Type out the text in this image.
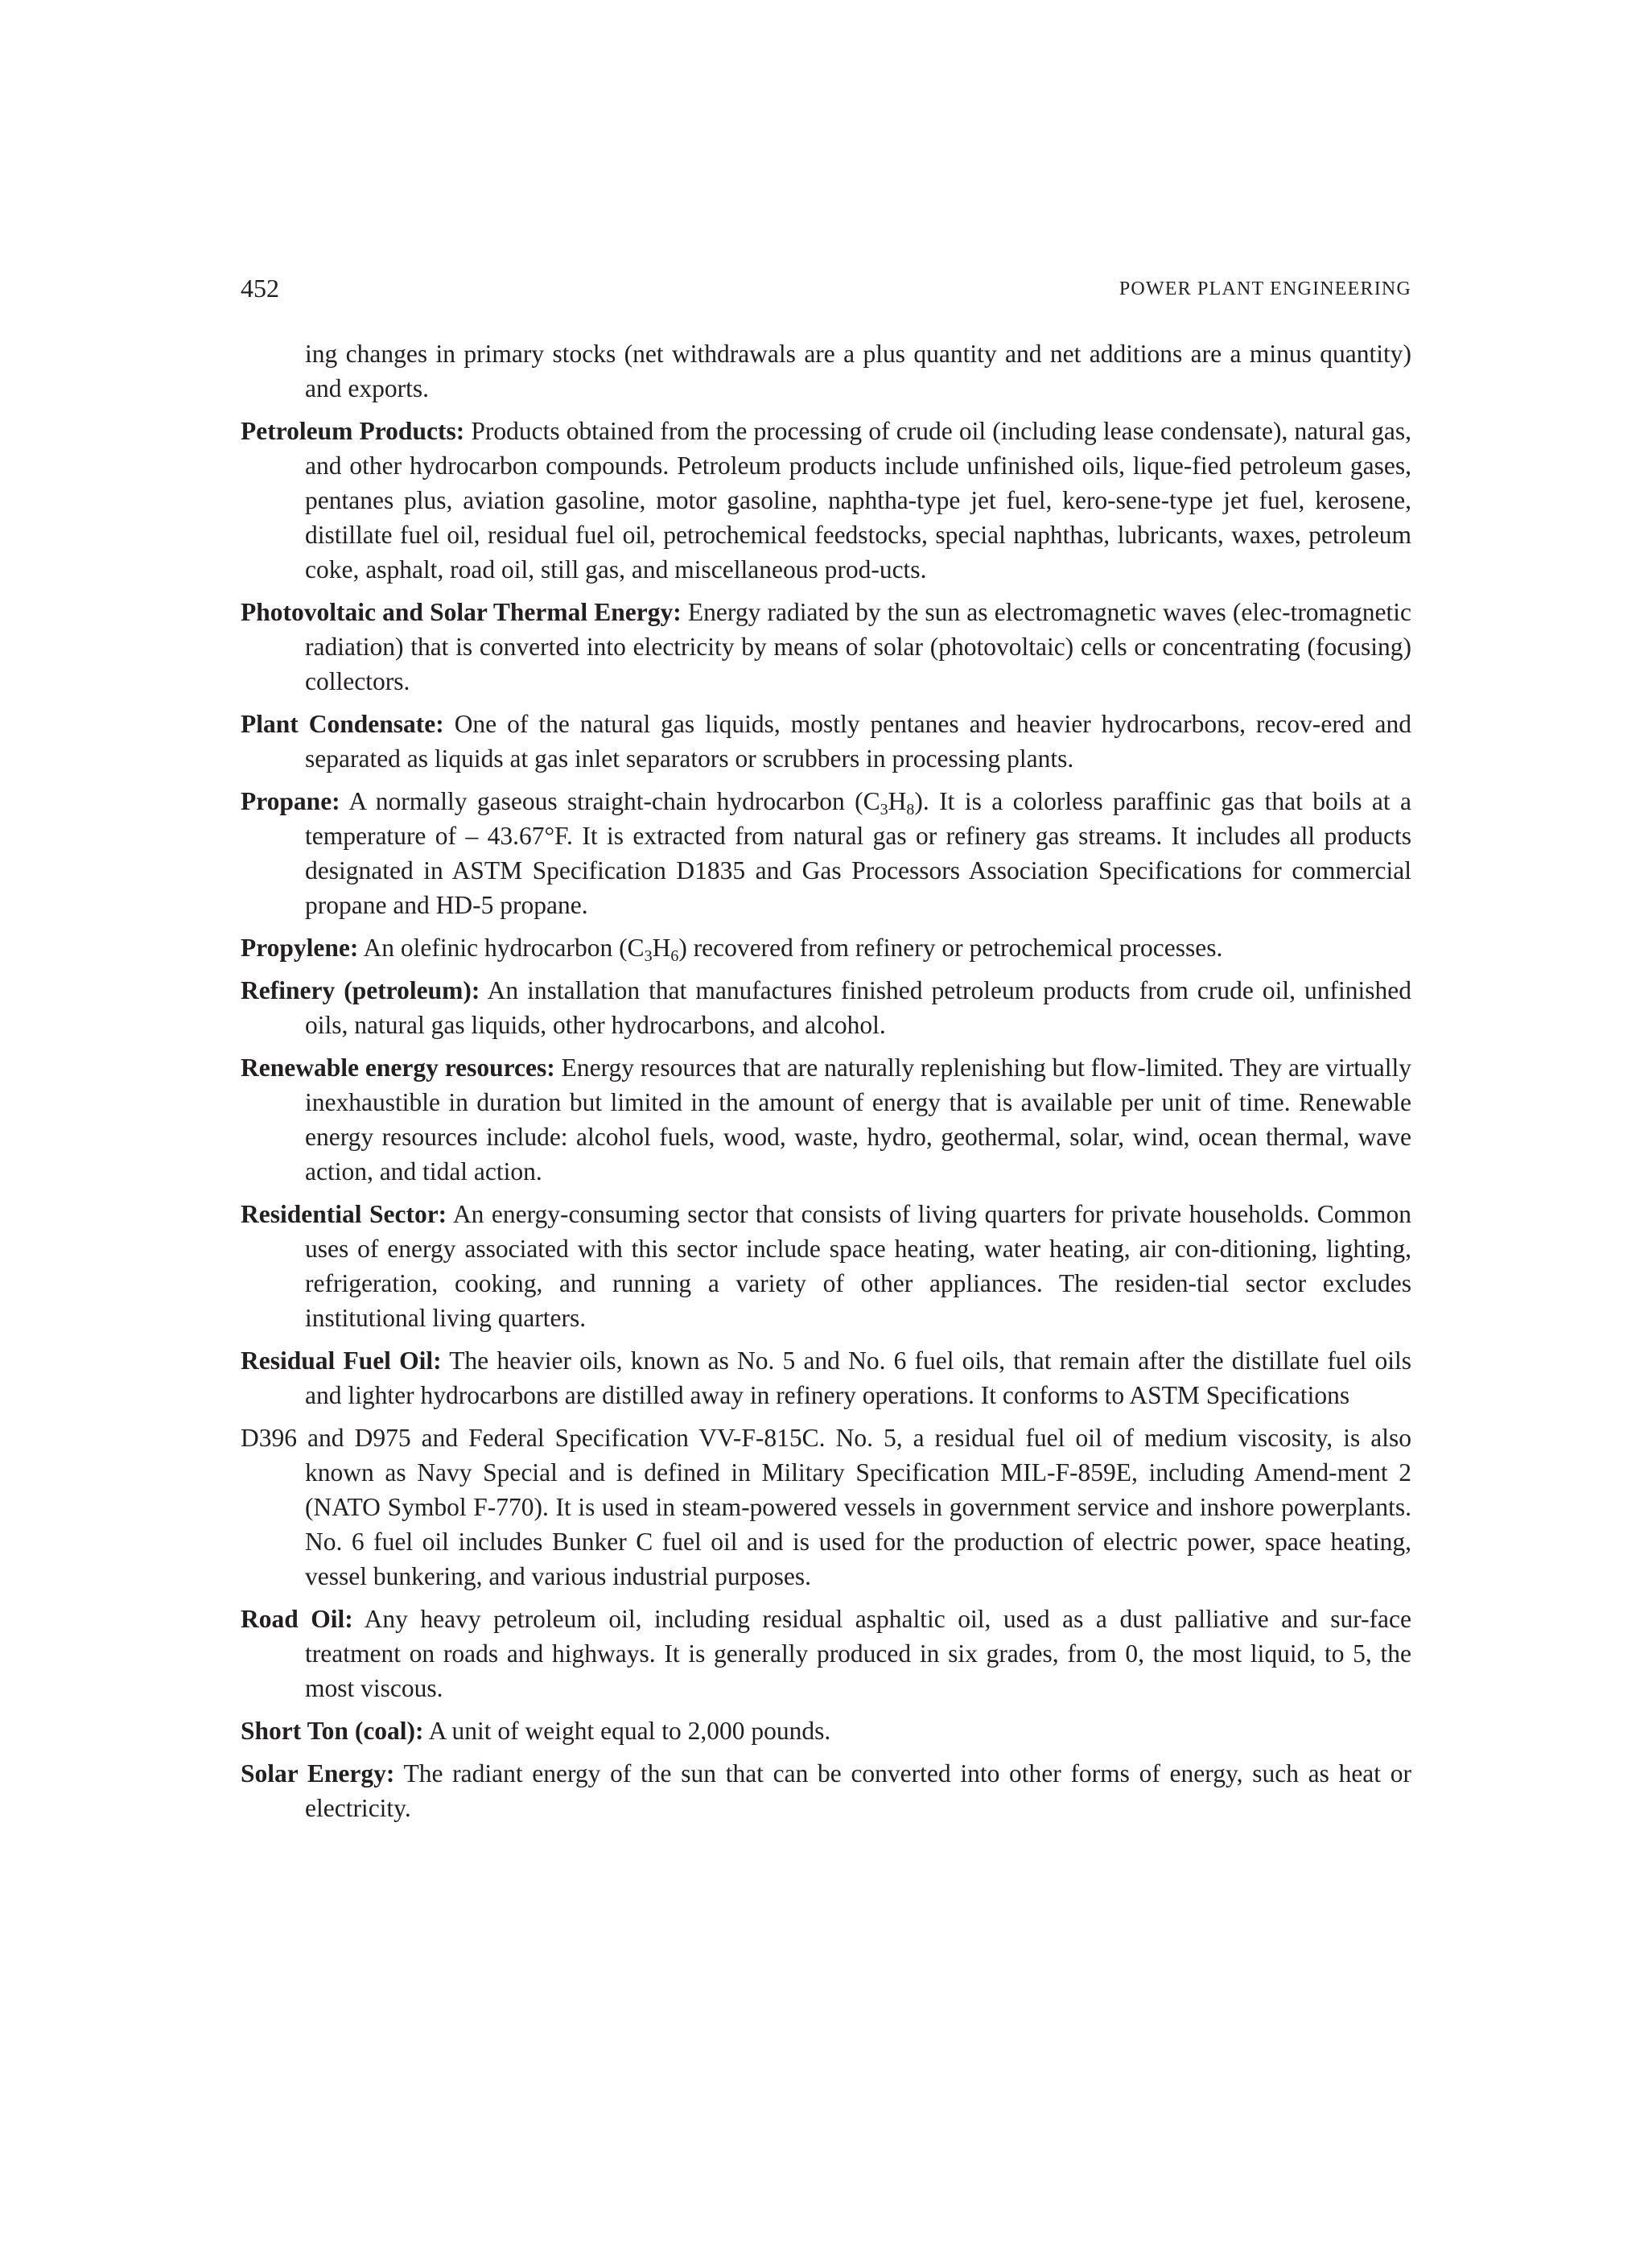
452	POWER PLANT ENGINEERING

ing changes in primary stocks (net withdrawals are a plus quantity and net additions are a minus quantity) and exports.

Petroleum Products: Products obtained from the processing of crude oil (including lease condensate), natural gas, and other hydrocarbon compounds. Petroleum products include unfinished oils, lique-fied petroleum gases, pentanes plus, aviation gasoline, motor gasoline, naphtha-type jet fuel, kero-sene-type jet fuel, kerosene, distillate fuel oil, residual fuel oil, petrochemical feedstocks, special naphthas, lubricants, waxes, petroleum coke, asphalt, road oil, still gas, and miscellaneous prod-ucts.

Photovoltaic and Solar Thermal Energy: Energy radiated by the sun as electromagnetic waves (elec-tromagnetic radiation) that is converted into electricity by means of solar (photovoltaic) cells or concentrating (focusing) collectors.

Plant Condensate: One of the natural gas liquids, mostly pentanes and heavier hydrocarbons, recov-ered and separated as liquids at gas inlet separators or scrubbers in processing plants.

Propane: A normally gaseous straight-chain hydrocarbon $(C_3H_8)$. It is a colorless paraffinic gas that boils at a temperature of – 43.67°F. It is extracted from natural gas or refinery gas streams. It includes all products designated in ASTM Specification D1835 and Gas Processors Association Specifications for commercial propane and HD-5 propane.

Propylene: An olefinic hydrocarbon $(C_3H_6)$ recovered from refinery or petrochemical processes.

Refinery (petroleum): An installation that manufactures finished petroleum products from crude oil, unfinished oils, natural gas liquids, other hydrocarbons, and alcohol.

Renewable energy resources: Energy resources that are naturally replenishing but flow-limited. They are virtually inexhaustible in duration but limited in the amount of energy that is available per unit of time. Renewable energy resources include: alcohol fuels, wood, waste, hydro, geothermal, solar, wind, ocean thermal, wave action, and tidal action.

Residential Sector: An energy-consuming sector that consists of living quarters for private households. Common uses of energy associated with this sector include space heating, water heating, air con-ditioning, lighting, refrigeration, cooking, and running a variety of other appliances. The residen-tial sector excludes institutional living quarters.

Residual Fuel Oil: The heavier oils, known as No. 5 and No. 6 fuel oils, that remain after the distillate fuel oils and lighter hydrocarbons are distilled away in refinery operations. It conforms to ASTM Specifications

D396 and D975 and Federal Specification VV-F-815C. No. 5, a residual fuel oil of medium viscosity, is also known as Navy Special and is defined in Military Specification MIL-F-859E, including Amend-ment 2 (NATO Symbol F-770). It is used in steam-powered vessels in government service and inshore powerplants. No. 6 fuel oil includes Bunker C fuel oil and is used for the production of electric power, space heating, vessel bunkering, and various industrial purposes.

Road Oil: Any heavy petroleum oil, including residual asphaltic oil, used as a dust palliative and sur-face treatment on roads and highways. It is generally produced in six grades, from 0, the most liquid, to 5, the most viscous.

Short Ton (coal): A unit of weight equal to 2,000 pounds.

Solar Energy: The radiant energy of the sun that can be converted into other forms of energy, such as heat or electricity.
